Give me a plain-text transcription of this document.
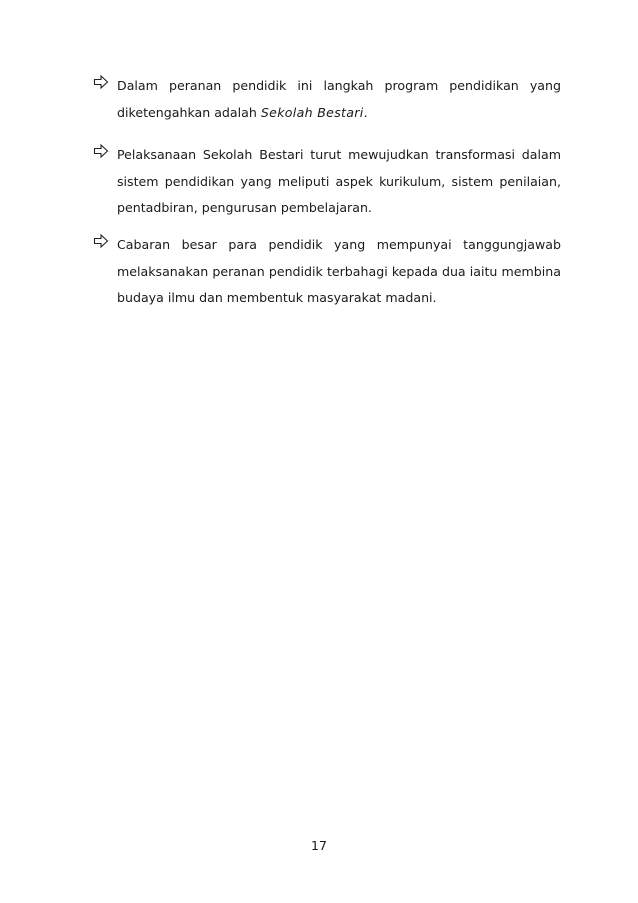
Dalam peranan pendidik ini langkah program pendidikan yang diketengahkan adalah Sekolah Bestari.
Pelaksanaan Sekolah Bestari turut mewujudkan transformasi dalam sistem pendidikan yang meliputi aspek kurikulum, sistem penilaian, pentadbiran, pengurusan pembelajaran.
Cabaran besar para pendidik yang mempunyai tanggungjawab melaksanakan peranan pendidik terbahagi kepada dua iaitu membina budaya ilmu dan membentuk masyarakat madani.
17
